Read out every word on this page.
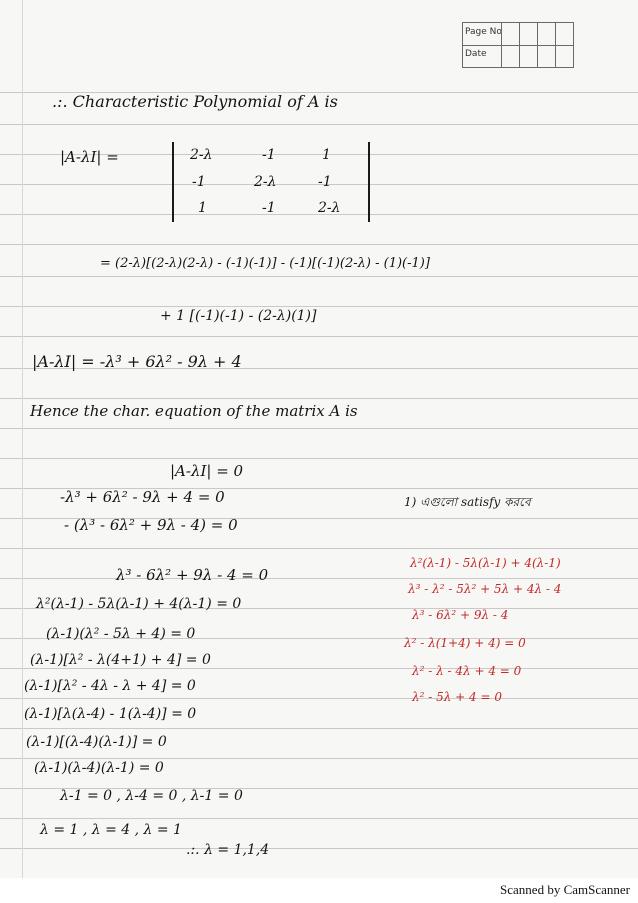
Page No
Date
.:. Characteristic Polynomial of A is
|A-λI| =	2-λ	-1	1
-1	2-λ	-1
1	-1	2-λ
= (2-λ)[(2-λ)(2-λ) - (-1)(-1)] - (-1)[(-1)(2-λ) - (1)(-1)]
+ 1 [(-1)(-1) - (2-λ)(1)]
|A-λI| = -λ³ + 6λ² - 9λ + 4
Hence the char. equation of the matrix A is
|A-λI| = 0
-λ³ + 6λ² - 9λ + 4 = 0
- (λ³ - 6λ² + 9λ - 4) = 0
λ³ - 6λ² + 9λ - 4 = 0
λ²(λ-1) - 5λ(λ-1) + 4(λ-1) = 0
(λ-1)(λ² - 5λ + 4) = 0
(λ-1)[λ² - λ(4+1) + 4] = 0
(λ-1)[λ² - 4λ - λ + 4] = 0
(λ-1)[λ(λ-4) - 1(λ-4)] = 0
(λ-1)[(λ-4)(λ-1)] = 0
(λ-1)(λ-4)(λ-1) = 0
λ-1 = 0 , λ-4 = 0 , λ-1 = 0
λ = 1 , λ = 4 , λ = 1
.:. λ = 1,1,4
1) এগুলো satisfy করবে
λ²(λ-1) - 5λ(λ-1) + 4(λ-1)
λ³ - λ² - 5λ² + 5λ + 4λ - 4
λ³ - 6λ² + 9λ - 4
λ² - λ(1+4) + 4) = 0
λ² - λ - 4λ + 4 = 0
λ² - 5λ + 4 = 0
Scanned by CamScanner
